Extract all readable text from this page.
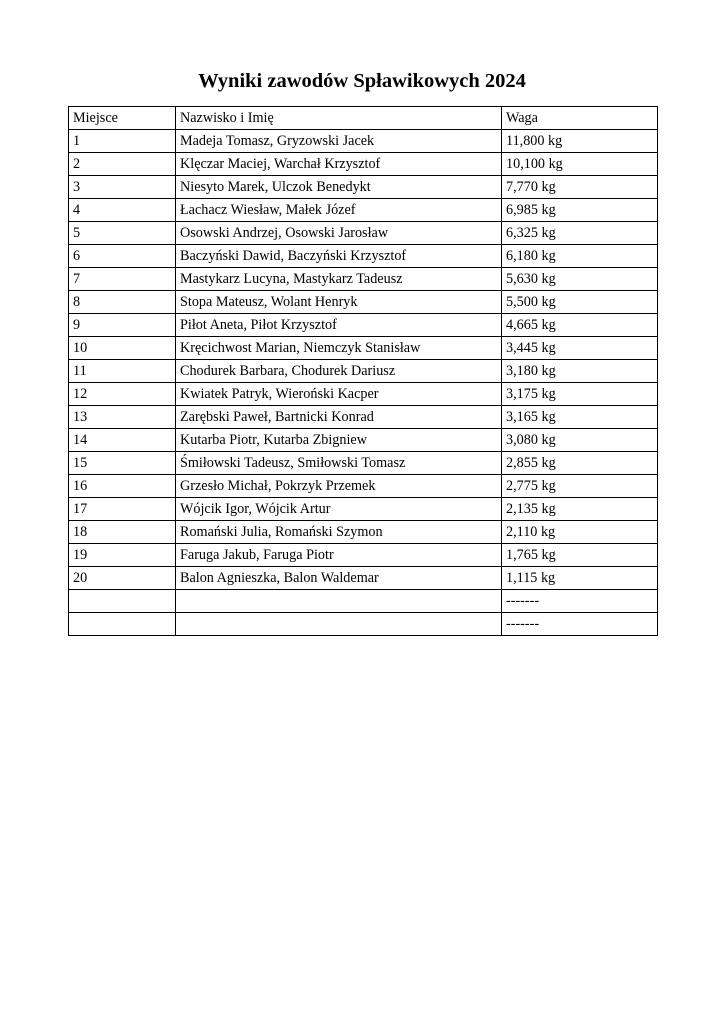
Wyniki zawodów Spławikowych 2024
Miejsce	Nazwisko i Imię	Waga
1	Madeja Tomasz, Gryzowski Jacek	11,800 kg
2	Klęczar Maciej, Warchał Krzysztof	10,100 kg
3	Niesyto Marek, Ulczok Benedykt	7,770 kg
4	Łachacz Wiesław, Małek Józef	6,985 kg
5	Osowski Andrzej, Osowski Jarosław	6,325 kg
6	Baczyński Dawid, Baczyński Krzysztof	6,180 kg
7	Mastykarz Lucyna, Mastykarz Tadeusz	5,630 kg
8	Stopa Mateusz, Wolant Henryk	5,500 kg
9	Piłot Aneta, Piłot Krzysztof	4,665 kg
10	Kręcichwost Marian, Niemczyk Stanisław	3,445 kg
11	Chodurek Barbara, Chodurek Dariusz	3,180 kg
12	Kwiatek Patryk, Wieroński Kacper	3,175 kg
13	Zarębski Paweł, Bartnicki Konrad	3,165 kg
14	Kutarba Piotr, Kutarba Zbigniew	3,080 kg
15	Śmiłowski Tadeusz, Smiłowski Tomasz	2,855 kg
16	Grzesło Michał, Pokrzyk Przemek	2,775 kg
17	Wójcik Igor, Wójcik Artur	2,135 kg
18	Romański Julia, Romański Szymon	2,110 kg
19	Faruga Jakub, Faruga Piotr	1,765 kg
20	Balon Agnieszka, Balon Waldemar	1,115 kg
		-------
		-------
